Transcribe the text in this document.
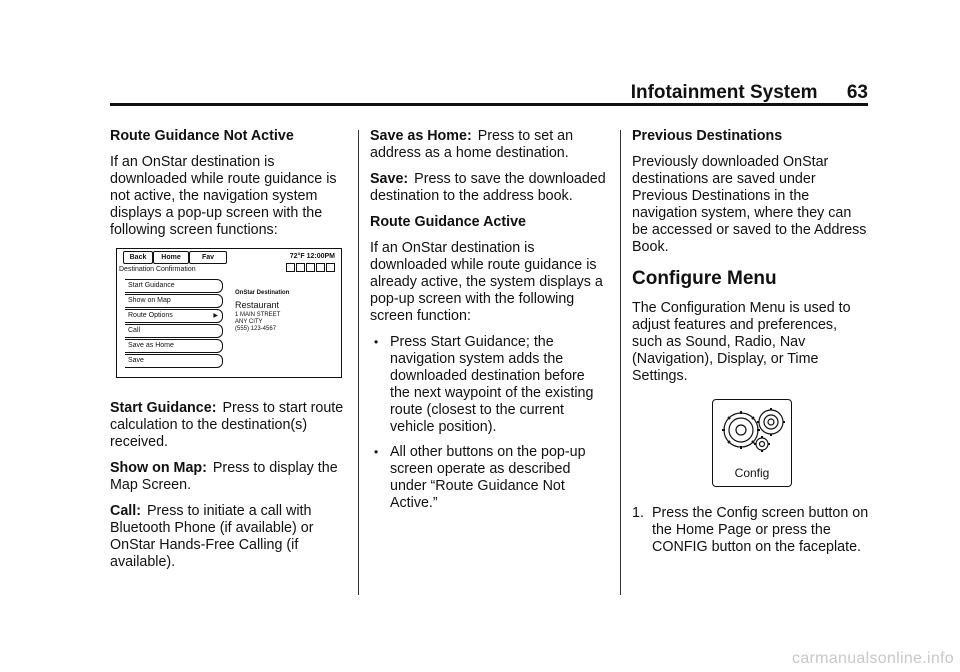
Infotainment System 63

Route Guidance Not Active

If an OnStar destination is downloaded while route guidance is not active, the navigation system displays a pop-up screen with the following screen functions:

Back	Home	Fav	72°F 12:00PM
Destination Confirmation
Start Guidance
Show on Map
Route Options	▶
Call
Save as Home
Save
OnStar Destination
Restaurant
1 MAIN STREET
ANY CITY
(555) 123-4567

Start Guidance: Press to start route calculation to the destination(s) received.

Show on Map: Press to display the Map Screen.

Call: Press to initiate a call with Bluetooth Phone (if available) or OnStar Hands-Free Calling (if available).

Save as Home: Press to set an address as a home destination.

Save: Press to save the downloaded destination to the address book.

Route Guidance Active

If an OnStar destination is downloaded while route guidance is already active, the system displays a pop-up screen with the following screen function:

• Press Start Guidance; the navigation system adds the downloaded destination before the next waypoint of the existing route (closest to the current vehicle position).
• All other buttons on the pop-up screen operate as described under “Route Guidance Not Active.”

Previous Destinations

Previously downloaded OnStar destinations are saved under Previous Destinations in the navigation system, where they can be accessed or saved to the Address Book.

Configure Menu

The Configuration Menu is used to adjust features and preferences, such as Sound, Radio, Nav (Navigation), Display, or Time Settings.

Config
1. Press the Config screen button on the Home Page or press the CONFIG button on the faceplate.
carmanualsonline.info
